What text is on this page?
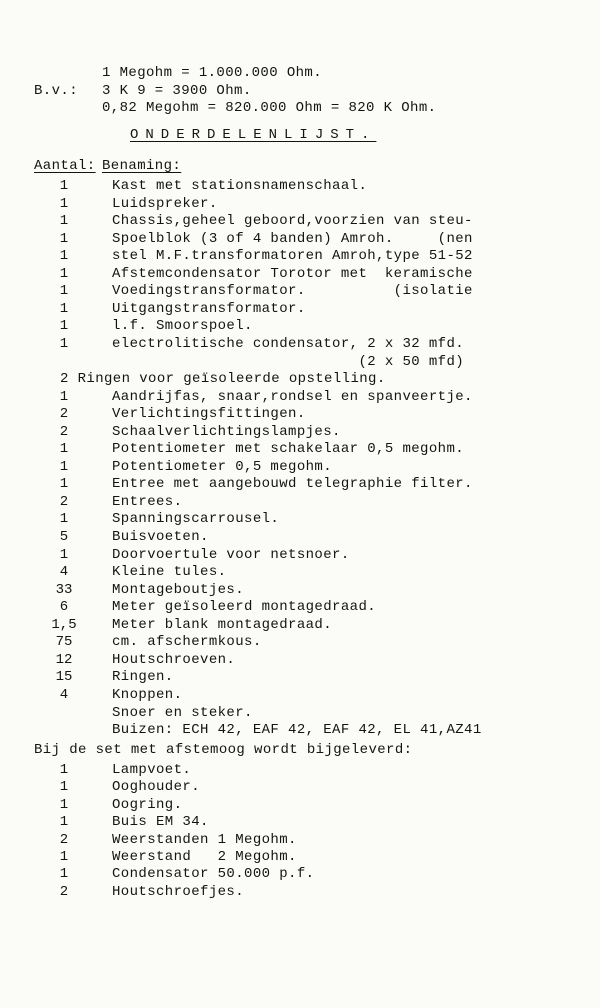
1 Megohm = 1.000.000 Ohm.
B.v.: 3 K 9 = 3900 Ohm.
0,82 Megohm = 820.000 Ohm = 820 K Ohm.
ONDERDELENLIJST.
Aantal: Benaming:
1	Kast met stationsnamenschaal.
1	Luidspreker.
1	Chassis,geheel geboord,voorzien van steu-
1	Spoelblok (3 of 4 banden) Amroh.     (nen
1	stel M.F.transformatoren Amroh,type 51-52
1	Afstemcondensator Torotor met  keramische
1	Voedingstransformator.          (isolatie
1	Uitgangstransformator.
1	l.f. Smoorspoel.
1	electrolitische condensator, 2 x 32 mfd.
(2 x 50 mfd)
2 Ringen voor geïsoleerde opstelling.
1	Aandrijfas, snaar,rondsel en spanveertje.
2	Verlichtingsfittingen.
2	Schaalverlichtingslampjes.
1	Potentiometer met schakelaar 0,5 megohm.
1	Potentiometer 0,5 megohm.
1	Entree met aangebouwd telegraphie filter.
2	Entrees.
1	Spanningscarrousel.
5	Buisvoeten.
1	Doorvoertule voor netsnoer.
4	Kleine tules.
33	Montageboutjes.
6	Meter geïsoleerd montagedraad.
1,5	Meter blank montagedraad.
75	cm. afschermkous.
12	Houtschroeven.
15	Ringen.
4	Knoppen.
Snoer en steker.
Buizen: ECH 42, EAF 42, EAF 42, EL 41,AZ41
Bij de set met afstemoog wordt bijgeleverd:
1	Lampvoet.
1	Ooghouder.
1	Oogring.
1	Buis EM 34.
2	Weerstanden 1 Megohm.
1	Weerstand   2 Megohm.
1	Condensator 50.000 p.f.
2	Houtschroefjes.
